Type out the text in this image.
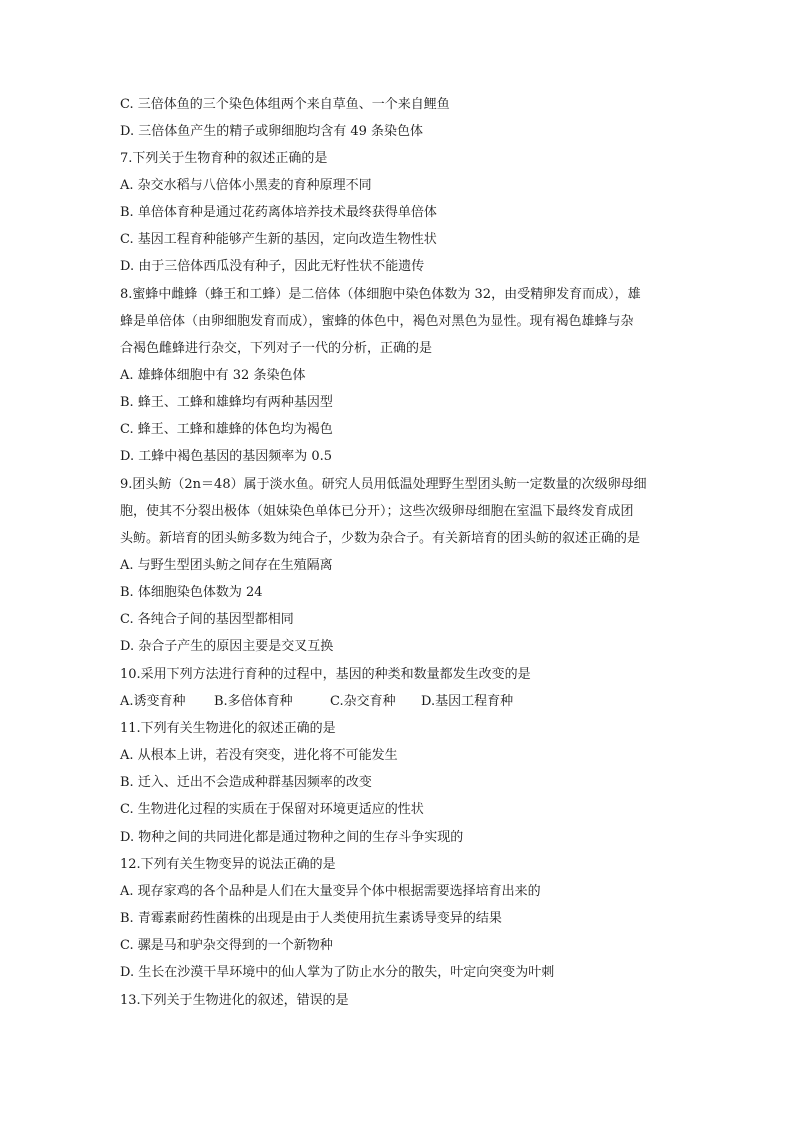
C. 三倍体鱼的三个染色体组两个来自草鱼、一个来自鲤鱼
D. 三倍体鱼产生的精子或卵细胞均含有 49 条染色体
7.下列关于生物育种的叙述正确的是
A. 杂交水稻与八倍体小黑麦的育种原理不同
B. 单倍体育种是通过花药离体培养技术最终获得单倍体
C. 基因工程育种能够产生新的基因，定向改造生物性状
D. 由于三倍体西瓜没有种子，因此无籽性状不能遗传
8.蜜蜂中雌蜂（蜂王和工蜂）是二倍体（体细胞中染色体数为 32，由受精卵发育而成），雄
蜂是单倍体（由卵细胞发育而成），蜜蜂的体色中，褐色对黑色为显性。现有褐色雄蜂与杂
合褐色雌蜂进行杂交，下列对子一代的分析，正确的是
A. 雄蜂体细胞中有 32 条染色体
B. 蜂王、工蜂和雄蜂均有两种基因型
C. 蜂王、工蜂和雄蜂的体色均为褐色
D. 工蜂中褐色基因的基因频率为 0.5
9.团头鲂（2n＝48）属于淡水鱼。研究人员用低温处理野生型团头鲂一定数量的次级卵母细
胞，使其不分裂出极体（姐妹染色单体已分开）；这些次级卵母细胞在室温下最终发育成团
头鲂。新培育的团头鲂多数为纯合子，少数为杂合子。有关新培育的团头鲂的叙述正确的是
A. 与野生型团头鲂之间存在生殖隔离
B. 体细胞染色体数为 24
C. 各纯合子间的基因型都相同
D. 杂合子产生的原因主要是交叉互换
10.采用下列方法进行育种的过程中，基因的种类和数量都发生改变的是
A.诱变育种 B.多倍体育种	C.杂交育种 D.基因工程育种
11.下列有关生物进化的叙述正确的是
A. 从根本上讲，若没有突变，进化将不可能发生
B. 迁入、迁出不会造成种群基因频率的改变
C. 生物进化过程的实质在于保留对环境更适应的性状
D. 物种之间的共同进化都是通过物种之间的生存斗争实现的
12.下列有关生物变异的说法正确的是
A. 现存家鸡的各个品种是人们在大量变异个体中根据需要选择培育出来的
B. 青霉素耐药性菌株的出现是由于人类使用抗生素诱导变异的结果
C. 骡是马和驴杂交得到的一个新物种
D. 生长在沙漠干旱环境中的仙人掌为了防止水分的散失，叶定向突变为叶刺
13.下列关于生物进化的叙述，错误的是
